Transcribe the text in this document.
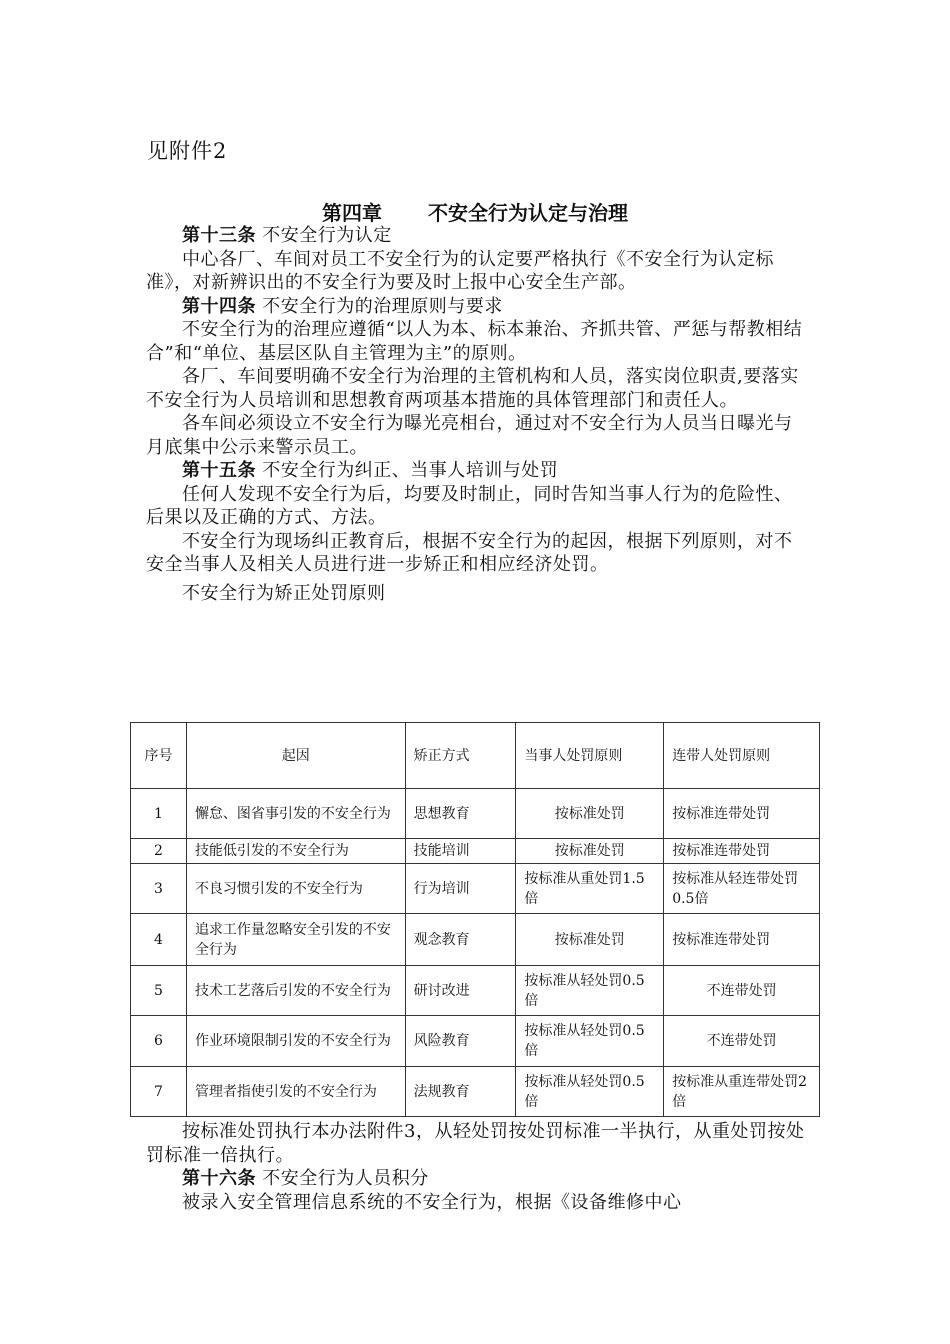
见附件2
第四章 不安全行为认定与治理

第十三条 不安全行为认定

中心各厂、车间对员工不安全行为的认定要严格执行《不安全行为认定标准》，对新辨识出的不安全行为要及时上报中心安全生产部。

第十四条 不安全行为的治理原则与要求

不安全行为的治理应遵循“以人为本、标本兼治、齐抓共管、严惩与帮教相结合”和“单位、基层区队自主管理为主”的原则。

各厂、车间要明确不安全行为治理的主管机构和人员，落实岗位职责,要落实不安全行为人员培训和思想教育两项基本措施的具体管理部门和责任人。

各车间必须设立不安全行为曝光亮相台，通过对不安全行为人员当日曝光与月底集中公示来警示员工。

第十五条 不安全行为纠正、当事人培训与处罚

任何人发现不安全行为后，均要及时制止，同时告知当事人行为的危险性、后果以及正确的方式、方法。

不安全行为现场纠正教育后，根据不安全行为的起因，根据下列原则，对不安全当事人及相关人员进行进一步矫正和相应经济处罚。

不安全行为矫正处罚原则

序号	起因	矫正方式	当事人处罚原则	连带人处罚原则
1	懈怠、图省事引发的不安全行为	思想教育	按标准处罚	按标准连带处罚
2	技能低引发的不安全行为	技能培训	按标准处罚	按标准连带处罚
3	不良习惯引发的不安全行为	行为培训	按标准从重处罚1.5倍	按标准从轻连带处罚0.5倍
4	追求工作量忽略安全引发的不安全行为	观念教育	按标准处罚	按标准连带处罚
5	技术工艺落后引发的不安全行为	研讨改进	按标准从轻处罚0.5倍	不连带处罚
6	作业环境限制引发的不安全行为	风险教育	按标准从轻处罚0.5倍	不连带处罚
7	管理者指使引发的不安全行为	法规教育	按标准从轻处罚0.5倍	按标准从重连带处罚2倍

按标准处罚执行本办法附件3，从轻处罚按处罚标准一半执行，从重处罚按处罚标准一倍执行。

第十六条 不安全行为人员积分

被录入安全管理信息系统的不安全行为，根据《设备维修中心
